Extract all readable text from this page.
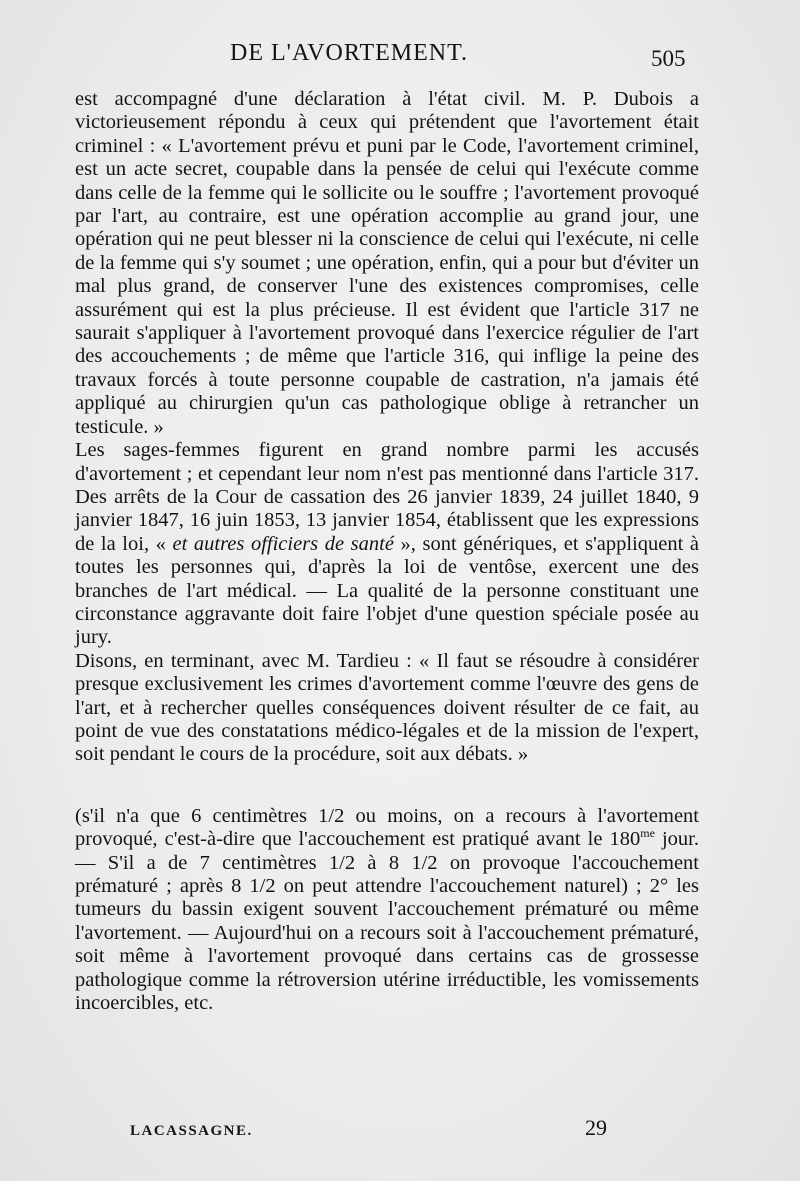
DE L'AVORTEMENT.	505

est accompagné d'une déclaration à l'état civil. M. P. Dubois a victorieusement répondu à ceux qui prétendent que l'avortement était criminel : « L'avortement prévu et puni par le Code, l'avortement criminel, est un acte secret, coupable dans la pensée de celui qui l'exécute comme dans celle de la femme qui le sollicite ou le souffre ; l'avortement provoqué par l'art, au contraire, est une opération accomplie au grand jour, une opération qui ne peut blesser ni la conscience de celui qui l'exécute, ni celle de la femme qui s'y soumet ; une opération, enfin, qui a pour but d'éviter un mal plus grand, de conserver l'une des existences compromises, celle assurément qui est la plus précieuse. Il est évident que l'article 317 ne saurait s'appliquer à l'avortement provoqué dans l'exercice régulier de l'art des accouchements ; de même que l'article 316, qui inflige la peine des travaux forcés à toute personne coupable de castration, n'a jamais été appliqué au chirurgien qu'un cas pathologique oblige à retrancher un testicule. »

Les sages-femmes figurent en grand nombre parmi les accusés d'avortement ; et cependant leur nom n'est pas mentionné dans l'article 317. Des arrêts de la Cour de cassation des 26 janvier 1839, 24 juillet 1840, 9 janvier 1847, 16 juin 1853, 13 janvier 1854, établissent que les expressions de la loi, « et autres officiers de santé », sont génériques, et s'appliquent à toutes les personnes qui, d'après la loi de ventôse, exercent une des branches de l'art médical. — La qualité de la personne constituant une circonstance aggravante doit faire l'objet d'une question spéciale posée au jury.

Disons, en terminant, avec M. Tardieu : « Il faut se résoudre à considérer presque exclusivement les crimes d'avortement comme l'œuvre des gens de l'art, et à rechercher quelles conséquences doivent résulter de ce fait, au point de vue des constatations médico-légales et de la mission de l'expert, soit pendant le cours de la procédure, soit aux débats. »

(s'il n'a que 6 centimètres 1/2 ou moins, on a recours à l'avortement provoqué, c'est-à-dire que l'accouchement est pratiqué avant le $180^{me}$ jour. — S'il a de 7 centimètres 1/2 à 8 1/2 on provoque l'accouchement prématuré ; après 8 1/2 on peut attendre l'accouchement naturel) ; 2° les tumeurs du bassin exigent souvent l'accouchement prématuré ou même l'avortement. — Aujourd'hui on a recours soit à l'accouchement prématuré, soit même à l'avortement provoqué dans certains cas de grossesse pathologique comme la rétroversion utérine irréductible, les vomissements incoercibles, etc.

LACASSAGNE.	29
